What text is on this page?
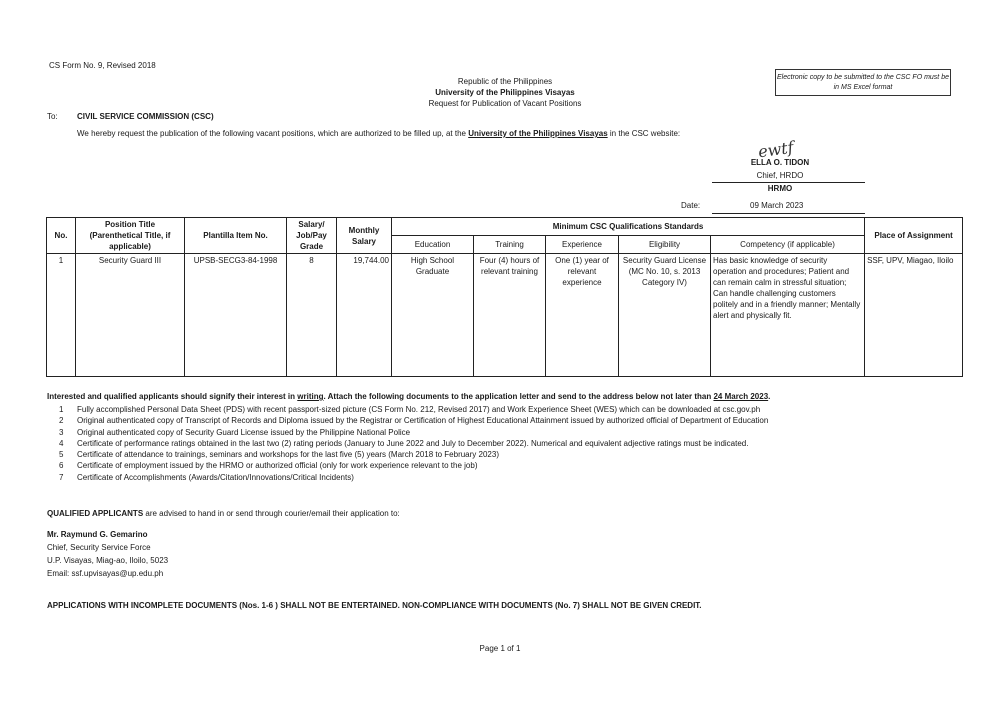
CS Form No. 9, Revised 2018
Republic of the Philippines
University of the Philippines Visayas
Request for Publication of Vacant Positions
Electronic copy to be submitted to the CSC FO must be in MS Excel format
To: CIVIL SERVICE COMMISSION (CSC)
We hereby request the publication of the following vacant positions, which are authorized to be filled up, at the University of the Philippines Visayas in the CSC website:
ewtf
ELLA O. TIDON
Chief, HRDO
HRMO
Date:	09 March 2023
No.	Position Title (Parenthetical Title, if applicable)	Plantilla Item No.	Salary/ Job/Pay Grade	Monthly Salary	Minimum CSC Qualifications Standards					Place of Assignment
					Education	Training	Experience	Eligibility	Competency (if applicable)	
1	Security Guard III	UPSB-SECG3-84-1998	8	19,744.00	High School Graduate	Four (4) hours of relevant training	One (1) year of relevant experience	Security Guard License (MC No. 10, s. 2013 Category IV)	Has basic knowledge of security operation and procedures; Patient and can remain calm in stressful situation; Can handle challenging customers politely and in a friendly manner; Mentally alert and physically fit.	SSF, UPV, Miagao, Iloilo
Interested and qualified applicants should signify their interest in writing. Attach the following documents to the application letter and send to the address below not later than 24 March 2023.
1 Fully accomplished Personal Data Sheet (PDS) with recent passport-sized picture (CS Form No. 212, Revised 2017) and Work Experience Sheet (WES) which can be downloaded at csc.gov.ph
2 Original authenticated copy of Transcript of Records and Diploma issued by the Registrar or Certification of Highest Educational Attainment issued by authorized official of Department of Education
3 Original authenticated copy of Security Guard License issued by the Philippine National Police
4 Certificate of performance ratings obtained in the last two (2) rating periods (January to June 2022 and July to December 2022). Numerical and equivalent adjective ratings must be indicated.
5 Certificate of attendance to trainings, seminars and workshops for the last five (5) years (March 2018 to February 2023)
6 Certificate of employment issued by the HRMO or authorized official (only for work experience relevant to the job)
7 Certificate of Accomplishments (Awards/Citation/Innovations/Critical Incidents)
QUALIFIED APPLICANTS are advised to hand in or send through courier/email their application to:
Mr. Raymund G. Gemarino
Chief, Security Service Force
U.P. Visayas, Miag-ao, Iloilo, 5023
Email: ssf.upvisayas@up.edu.ph
APPLICATIONS WITH INCOMPLETE DOCUMENTS (Nos. 1-6 ) SHALL NOT BE ENTERTAINED. NON-COMPLIANCE WITH DOCUMENTS (No. 7) SHALL NOT BE GIVEN CREDIT.
Page 1 of 1
